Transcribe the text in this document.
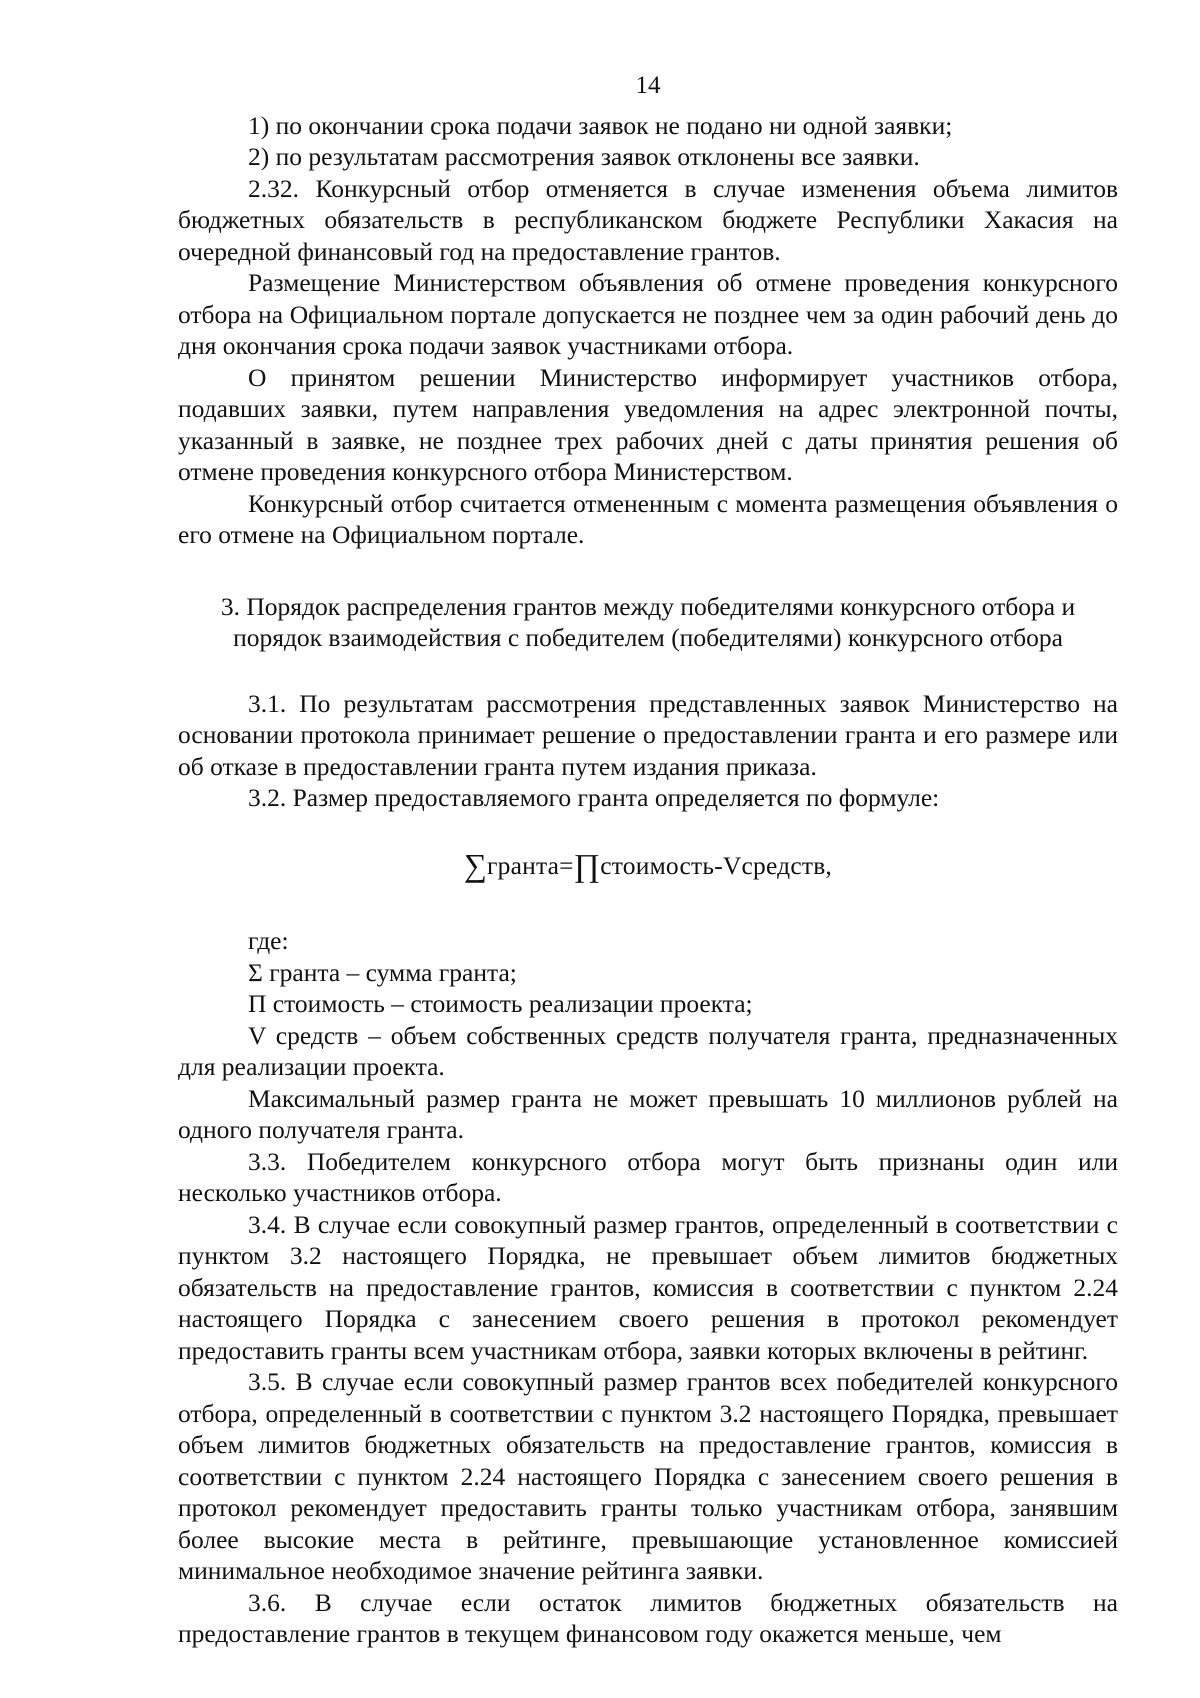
14

1) по окончании срока подачи заявок не подано ни одной заявки;

2) по результатам рассмотрения заявок отклонены все заявки.

2.32. Конкурсный отбор отменяется в случае изменения объема лимитов бюджетных обязательств в республиканском бюджете Республики Хакасия на очередной финансовый год на предоставление грантов.

Размещение Министерством объявления об отмене проведения конкурсного отбора на Официальном портале допускается не позднее чем за один рабочий день до дня окончания срока подачи заявок участниками отбора.

О принятом решении Министерство информирует участников отбора, подавших заявки, путем направления уведомления на адрес электронной почты, указанный в заявке, не позднее трех рабочих дней с даты принятия решения об отмене проведения конкурсного отбора Министерством.

Конкурсный отбор считается отмененным с момента размещения объявления о его отмене на Официальном портале.

3. Порядок распределения грантов между победителями конкурсного отбора и порядок взаимодействия с победителем (победителями) конкурсного отбора

3.1. По результатам рассмотрения представленных заявок Министерство на основании протокола принимает решение о предоставлении гранта и его размере или об отказе в предоставлении гранта путем издания приказа.

3.2. Размер предоставляемого гранта определяется по формуле:

∑гранта=∏стоимость-Vсредств,

где:

Σ гранта – сумма гранта;

П стоимость – стоимость реализации проекта;

V средств – объем собственных средств получателя гранта, предназначенных для реализации проекта.

Максимальный размер гранта не может превышать 10 миллионов рублей на одного получателя гранта.

3.3. Победителем конкурсного отбора могут быть признаны один или несколько участников отбора.

3.4. В случае если совокупный размер грантов, определенный в соответствии с пунктом 3.2 настоящего Порядка, не превышает объем лимитов бюджетных обязательств на предоставление грантов, комиссия в соответствии с пунктом 2.24 настоящего Порядка с занесением своего решения в протокол рекомендует предоставить гранты всем участникам отбора, заявки которых включены в рейтинг.

3.5. В случае если совокупный размер грантов всех победителей конкурсного отбора, определенный в соответствии с пунктом 3.2 настоящего Порядка, превышает объем лимитов бюджетных обязательств на предоставление грантов, комиссия в соответствии с пунктом 2.24 настоящего Порядка с занесением своего решения в протокол рекомендует предоставить гранты только участникам отбора, занявшим более высокие места в рейтинге, превышающие установленное комиссией минимальное необходимое значение рейтинга заявки.

3.6. В случае если остаток лимитов бюджетных обязательств на предоставление грантов в текущем финансовом году окажется меньше, чем
